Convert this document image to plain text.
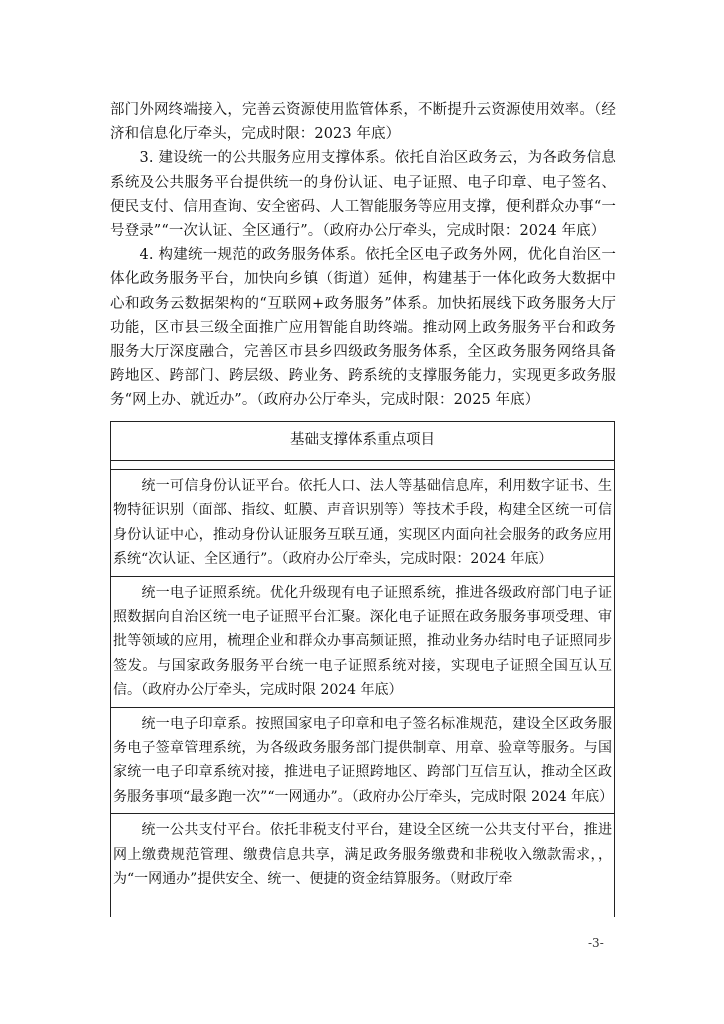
部门外网终端接入，完善云资源使用监管体系，不断提升云资源使用效率。（经济和信息化厅牵头，完成时限：2023 年底）

　　3. 建设统一的公共服务应用支撑体系。依托自治区政务云，为各政务信息系统及公共服务平台提供统一的身份认证、电子证照、电子印章、电子签名、便民支付、信用查询、安全密码、人工智能服务等应用支撑，便利群众办事“一号登录”“一次认证、全区通行”。（政府办公厅牵头，完成时限：2024 年底）

　　4. 构建统一规范的政务服务体系。依托全区电子政务外网，优化自治区一体化政务服务平台，加快向乡镇（街道）延伸，构建基于一体化政务大数据中心和政务云数据架构的“互联网+政务服务”体系。加快拓展线下政务服务大厅功能，区市县三级全面推广应用智能自助终端。推动网上政务服务平台和政务服务大厅深度融合，完善区市县乡四级政务服务体系，全区政务服务网络具备跨地区、跨部门、跨层级、跨业务、跨系统的支撑服务能力，实现更多政务服务“网上办、就近办”。（政府办公厅牵头，完成时限：2025 年底）

基础支撑体系重点项目
　　统一可信身份认证平台。依托人口、法人等基础信息库，利用数字证书、生物特征识别（面部、指纹、虹膜、声音识别等）等技术手段，构建全区统一可信身份认证中心，推动身份认证服务互联互通，实现区内面向社会服务的政务应用系统“次认证、全区通行”。（政府办公厅牵头，完成时限：2024 年底）
　　统一电子证照系统。优化升级现有电子证照系统，推进各级政府部门电子证照数据向自治区统一电子证照平台汇聚。深化电子证照在政务服务事项受理、审批等领域的应用，梳理企业和群众办事高频证照，推动业务办结时电子证照同步签发。与国家政务服务平台统一电子证照系统对接，实现电子证照全国互认互信。（政府办公厅牵头，完成时限 2024 年底）
　　统一电子印章系。按照国家电子印章和电子签名标准规范，建设全区政务服务电子签章管理系统，为各级政务服务部门提供制章、用章、验章等服务。与国家统一电子印章系统对接，推进电子证照跨地区、跨部门互信互认，推动全区政务服务事项“最多跑一次”“一网通办”。（政府办公厅牵头，完成时限 2024 年底）
　　统一公共支付平台。依托非税支付平台，建设全区统一公共支付平台，推进网上缴费规范管理、缴费信息共享，满足政务服务缴费和非税收入缴款需求，，为“一网通办”提供安全、统一、便捷的资金结算服务。（财政厅牵
-3-
